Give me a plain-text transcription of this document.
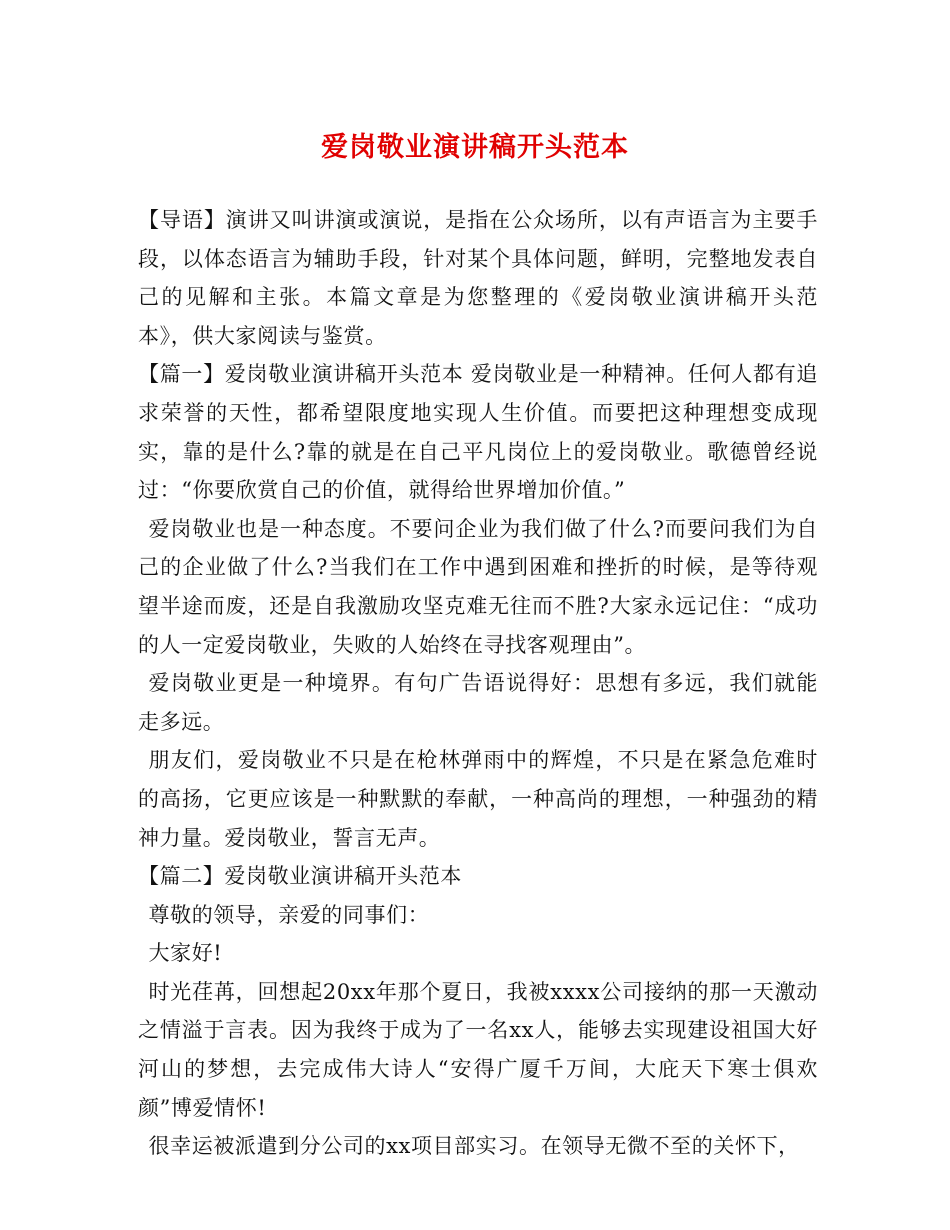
爱岗敬业演讲稿开头范本

【导语】演讲又叫讲演或演说，是指在公众场所，以有声语言为主要手段，以体态语言为辅助手段，针对某个具体问题，鲜明，完整地发表自己的见解和主张。本篇文章是为您整理的《爱岗敬业演讲稿开头范本》，供大家阅读与鉴赏。

【篇一】爱岗敬业演讲稿开头范本 爱岗敬业是一种精神。任何人都有追求荣誉的天性，都希望限度地实现人生价值。而要把这种理想变成现实，靠的是什么?靠的就是在自己平凡岗位上的爱岗敬业。歌德曾经说过：“你要欣赏自己的价值，就得给世界增加价值。”

爱岗敬业也是一种态度。不要问企业为我们做了什么?而要问我们为自己的企业做了什么?当我们在工作中遇到困难和挫折的时候，是等待观望半途而废，还是自我激励攻坚克难无往而不胜?大家永远记住：“成功的人一定爱岗敬业，失败的人始终在寻找客观理由”。

爱岗敬业更是一种境界。有句广告语说得好：思想有多远，我们就能走多远。

朋友们，爱岗敬业不只是在枪林弹雨中的辉煌，不只是在紧急危难时的高扬，它更应该是一种默默的奉献，一种高尚的理想，一种强劲的精神力量。爱岗敬业，誓言无声。

【篇二】爱岗敬业演讲稿开头范本

尊敬的领导，亲爱的同事们：

大家好!

时光荏苒，回想起20xx年那个夏日，我被xxxx公司接纳的那一天激动之情溢于言表。因为我终于成为了一名xx人，能够去实现建设祖国大好河山的梦想，去完成伟大诗人“安得广厦千万间，大庇天下寒士俱欢颜”博爱情怀!

很幸运被派遣到分公司的xx项目部实习。在领导无微不至的关怀下，
